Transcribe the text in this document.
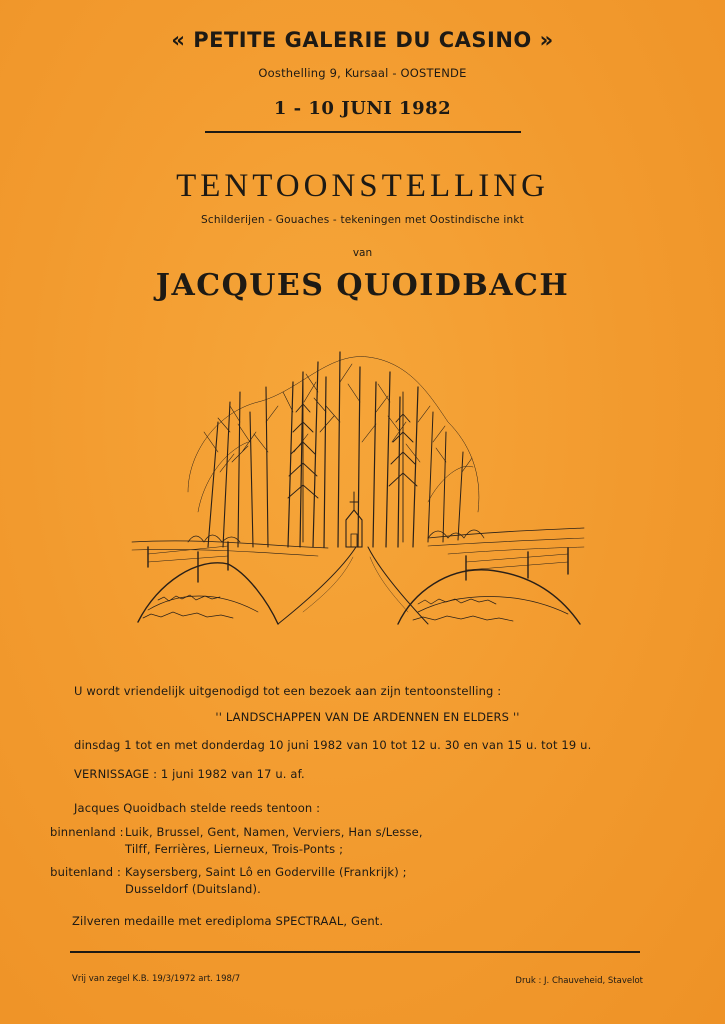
« PETITE GALERIE DU CASINO »
Oosthelling 9, Kursaal - OOSTENDE
1 - 10 JUNI 1982
TENTOONSTELLING
Schilderijen - Gouaches - tekeningen met Oostindische inkt
van
JACQUES QUOIDBACH
U wordt vriendelijk uitgenodigd tot een bezoek aan zijn tentoonstelling :
'' LANDSCHAPPEN VAN DE ARDENNEN EN ELDERS ''
dinsdag 1 tot en met donderdag 10 juni 1982 van 10 tot 12 u. 30 en van 15 u. tot 19 u.
VERNISSAGE : 1 juni 1982 van 17 u. af.
Jacques Quoidbach stelde reeds tentoon :
binnenland : Luik, Brussel, Gent, Namen, Verviers, Han s/Lesse,
Tilff, Ferrières, Lierneux, Trois-Ponts ;
buitenland : Kaysersberg, Saint Lô en Goderville (Frankrijk) ;
Dusseldorf (Duitsland).
Zilveren medaille met erediploma SPECTRAAL, Gent.
Vrij van zegel K.B. 19/3/1972 art. 198/7	Druk : J. Chauveheid, Stavelot
